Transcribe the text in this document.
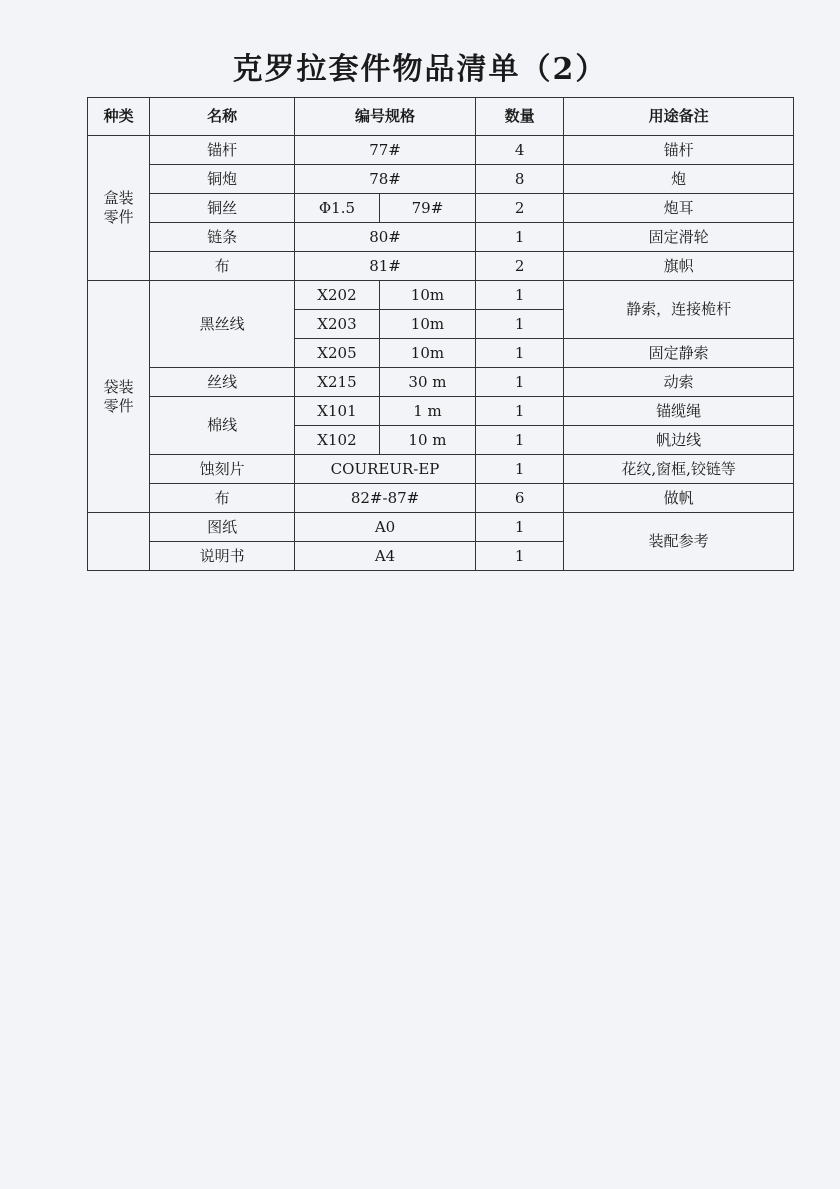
克罗拉套件物品清单（2）
种类	名称	编号规格		数量	用途备注

盒装
零件	锚杆	77#		4	锚杆
	铜炮	78#		8	炮
	铜丝	Φ1.5	79#	2	炮耳
	链条	80#		1	固定滑轮
	布	81#		2	旗帜

袋装
零件	黑丝线	X202	10m	1	静索，连接桅杆
		X203	10m	1	
		X205	10m	1	固定静索
	丝线	X215	30 m	1	动索
	棉线	X101	1 m	1	锚缆绳
		X102	10 m	1	帆边线
	蚀刻片	COUREUR-EP		1	花纹,窗框,铰链等
	布	82#-87#		6	做帆
	图纸	A0		1	装配参考
	说明书	A4		1	
